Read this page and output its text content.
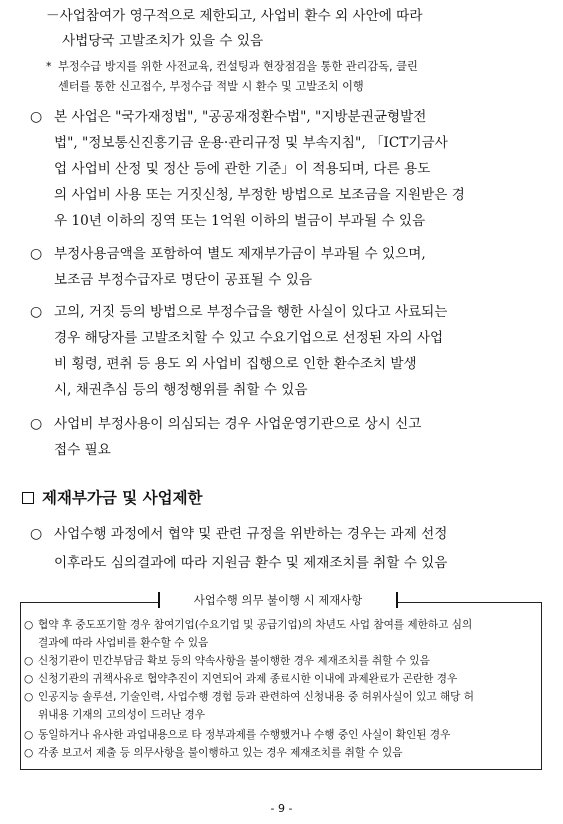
－사업참여가 영구적으로 제한되고, 사업비 환수 외 사안에 따라
사법당국 고발조치가 있을 수 있음
* 부정수급 방지를 위한 사전교육, 컨설팅과 현장점검을 통한 관리감독, 클린
센터를 통한 신고접수, 부정수급 적발 시 환수 및 고발조치 이행
○ 본 사업은 "국가재정법", "공공재정환수법", "지방분권균형발전
법", "정보통신진흥기금 운용·관리규정 및 부속지침", 「ICT기금사
업 사업비 산정 및 정산 등에 관한 기준」이 적용되며, 다른 용도
의 사업비 사용 또는 거짓신청, 부정한 방법으로 보조금을 지원받은 경
우 10년 이하의 징역 또는 1억원 이하의 벌금이 부과될 수 있음
○ 부정사용금액을 포함하여 별도 제재부가금이 부과될 수 있으며,
보조금 부정수급자로 명단이 공표될 수 있음
○ 고의, 거짓 등의 방법으로 부정수급을 행한 사실이 있다고 사료되는
경우 해당자를 고발조치할 수 있고 수요기업으로 선정된 자의 사업
비 횡령, 편취 등 용도 외 사업비 집행으로 인한 환수조치 발생
시, 채권추심 등의 행정행위를 취할 수 있음
○ 사업비 부정사용이 의심되는 경우 사업운영기관으로 상시 신고
접수 필요
제재부가금 및 사업제한
○ 사업수행 과정에서 협약 및 관련 규정을 위반하는 경우는 과제 선정
이후라도 심의결과에 따라 지원금 환수 및 제재조치를 취할 수 있음
사업수행 의무 불이행 시 제재사항
○ 협약 후 중도포기할 경우 참여기업(수요기업 및 공급기업)의 차년도 사업 참여를 제한하고 심의
결과에 따라 사업비를 환수할 수 있음
○ 신청기관이 민간부담금 확보 등의 약속사항을 불이행한 경우 제재조치를 취할 수 있음
○ 신청기관의 귀책사유로 협약추진이 지연되어 과제 종료시한 이내에 과제완료가 곤란한 경우
○ 인공지능 솔루션, 기술인력, 사업수행 경험 등과 관련하여 신청내용 중 허위사실이 있고 해당 허
위내용 기재의 고의성이 드러난 경우
○ 동일하거나 유사한 과업내용으로 타 정부과제를 수행했거나 수행 중인 사실이 확인된 경우
○ 각종 보고서 제출 등 의무사항을 불이행하고 있는 경우 제재조치를 취할 수 있음
- 9 -
